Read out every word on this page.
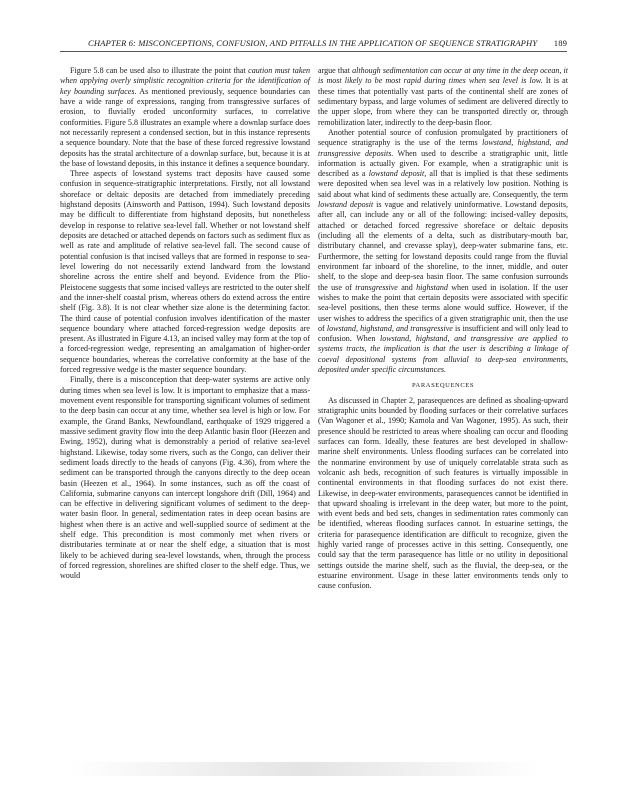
CHAPTER 6: MISCONCEPTIONS, CONFUSION, AND PITFALLS IN THE APPLICATION OF SEQUENCE STRATIGRAPHY 189

Figure 5.8 can be used also to illustrate the point that caution must taken when applying overly simplistic recognition criteria for the identification of key bounding surfaces. As mentioned previously, sequence boundaries can have a wide range of expressions, ranging from transgressive surfaces of erosion, to fluvially eroded unconformity surfaces, to correlative conformities. Figure 5.8 illustrates an example where a downlap surface does not necessarily represent a condensed section, but in this instance represents a sequence boundary. Note that the base of these forced regressive lowstand deposits has the stratal architecture of a downlap surface, but, because it is at the base of lowstand deposits, in this instance it defines a sequence boundary.

Three aspects of lowstand systems tract deposits have caused some confusion in sequence-stratigraphic interpretations. Firstly, not all lowstand shoreface or deltaic deposits are detached from immediately preceding highstand deposits (Ainsworth and Pattison, 1994). Such lowstand deposits may be difficult to differentiate from highstand deposits, but nonetheless develop in response to relative sea-level fall. Whether or not lowstand shelf deposits are detached or attached depends on factors such as sediment flux as well as rate and amplitude of relative sea-level fall. The second cause of potential confusion is that incised valleys that are formed in response to sea-level lowering do not necessarily extend landward from the lowstand shoreline across the entire shelf and beyond. Evidence from the Plio-Pleistocene suggests that some incised valleys are restricted to the outer shelf and the inner-shelf coastal prism, whereas others do extend across the entire shelf (Fig. 3.8). It is not clear whether size alone is the determining factor. The third cause of potential confusion involves identification of the master sequence boundary where attached forced-regression wedge deposits are present. As illustrated in Figure 4.13, an incised valley may form at the top of a forced-regression wedge, representing an amalgamation of higher-order sequence boundaries, whereas the correlative conformity at the base of the forced regressive wedge is the master sequence boundary.

Finally, there is a misconception that deep-water systems are active only during times when sea level is low. It is important to emphasize that a mass-movement event responsible for transporting significant volumes of sediment to the deep basin can occur at any time, whether sea level is high or low. For example, the Grand Banks, Newfoundland, earthquake of 1929 triggered a massive sediment gravity flow into the deep Atlantic basin floor (Heezen and Ewing, 1952), during what is demonstrably a period of relative sea-level highstand. Likewise, today some rivers, such as the Congo, can deliver their sediment loads directly to the heads of canyons (Fig. 4.36), from where the sediment can be transported through the canyons directly to the deep ocean basin (Heezen et al., 1964). In some instances, such as off the coast of California, submarine canyons can intercept longshore drift (Dill, 1964) and can be effective in delivering significant volumes of sediment to the deep-water basin floor. In general, sedimentation rates in deep ocean basins are highest when there is an active and well-supplied source of sediment at the shelf edge. This precondition is most commonly met when rivers or distributaries terminate at or near the shelf edge, a situation that is most likely to be achieved during sea-level lowstands, when, through the process of forced regression, shorelines are shifted closer to the shelf edge. Thus, we would

argue that although sedimentation can occur at any time in the deep ocean, it is most likely to be most rapid during times when sea level is low. It is at these times that potentially vast parts of the continental shelf are zones of sedimentary bypass, and large volumes of sediment are delivered directly to the upper slope, from where they can be transported directly or, through remobilization later, indirectly to the deep-basin floor.

Another potential source of confusion promulgated by practitioners of sequence stratigraphy is the use of the terms lowstand, highstand, and transgressive deposits. When used to describe a stratigraphic unit, little information is actually given. For example, when a stratigraphic unit is described as a lowstand deposit, all that is implied is that these sediments were deposited when sea level was in a relatively low position. Nothing is said about what kind of sediments these actually are. Consequently, the term lowstand deposit is vague and relatively uninformative. Lowstand deposits, after all, can include any or all of the following: incised-valley deposits, attached or detached forced regressive shoreface or deltaic deposits (including all the elements of a delta, such as distributary-mouth bar, distributary channel, and crevasse splay), deep-water submarine fans, etc. Furthermore, the setting for lowstand deposits could range from the fluvial environment far inboard of the shoreline, to the inner, middle, and outer shelf, to the slope and deep-sea basin floor. The same confusion surrounds the use of transgressive and highstand when used in isolation. If the user wishes to make the point that certain deposits were associated with specific sea-level positions, then these terms alone would suffice. However, if the user wishes to address the specifics of a given stratigraphic unit, then the use of lowstand, highstand, and transgressive is insufficient and will only lead to confusion. When lowstand, highstand, and transgressive are applied to systems tracts, the implication is that the user is describing a linkage of coeval depositional systems from alluvial to deep-sea environments, deposited under specific circumstances.

PARASEQUENCES

As discussed in Chapter 2, parasequences are defined as shoaling-upward stratigraphic units bounded by flooding surfaces or their correlative surfaces (Van Wagoner et al., 1990; Kamola and Van Wagoner, 1995). As such, their presence should be restricted to areas where shoaling can occur and flooding surfaces can form. Ideally, these features are best developed in shallow-marine shelf environments. Unless flooding surfaces can be correlated into the nonmarine environment by use of uniquely correlatable strata such as volcanic ash beds, recognition of such features is virtually impossible in continental environments in that flooding surfaces do not exist there. Likewise, in deep-water environments, parasequences cannot be identified in that upward shoaling is irrelevant in the deep water, but more to the point, with event beds and bed sets, changes in sedimentation rates commonly can be identified, whereas flooding surfaces cannot. In estuarine settings, the criteria for parasequence identification are difficult to recognize, given the highly varied range of processes active in this setting. Consequently, one could say that the term parasequence has little or no utility in depositional settings outside the marine shelf, such as the fluvial, the deep-sea, or the estuarine environment. Usage in these latter environments tends only to cause confusion.
